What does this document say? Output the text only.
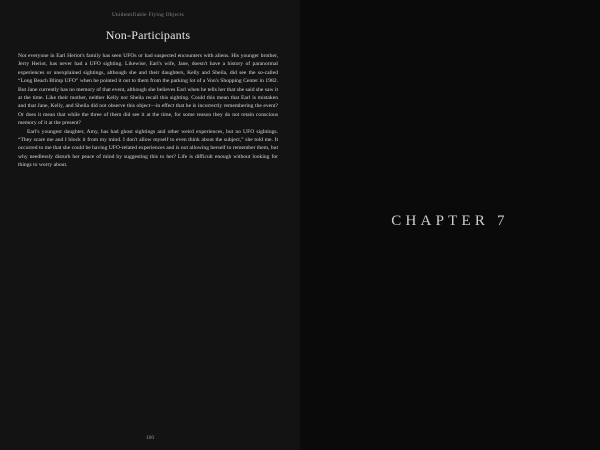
Unidentifiable Flying Objects
Non-Participants

Not everyone in Earl Heriot's family has seen UFOs or had suspected encounters with aliens. His younger brother, Jerry Heriot, has never had a UFO sighting. Likewise, Earl's wife, Jane, doesn't have a history of paranormal experiences or unexplained sightings, although she and their daughters, Kelly and Sheila, did see the so-called “Long Beach Blimp UFO” when he pointed it out to them from the parking lot of a Von's Shopping Center in 1982. But Jane currently has no memory of that event, although she believes Earl when he tells her that she said she saw it at the time. Like their mother, neither Kelly nor Sheila recall this sighting. Could this mean that Earl is mistaken and that Jane, Kelly, and Sheila did not observe this object—in effect that he is incorrectly remembering the event? Or does it mean that while the three of them did see it at the time, for some reason they do not retain conscious memory of it at the present?

Earl's youngest daughter, Amy, has had ghost sightings and other weird experiences, but no UFO sightings. “They scare me and I block it from my mind. I don't allow myself to even think about the subject,” she told me. It occurred to me that she could be having UFO-related experiences and is not allowing herself to remember them, but why needlessly disturb her peace of mind by suggesting this to her? Life is difficult enough without looking for things to worry about.

100
CHAPTER 7
